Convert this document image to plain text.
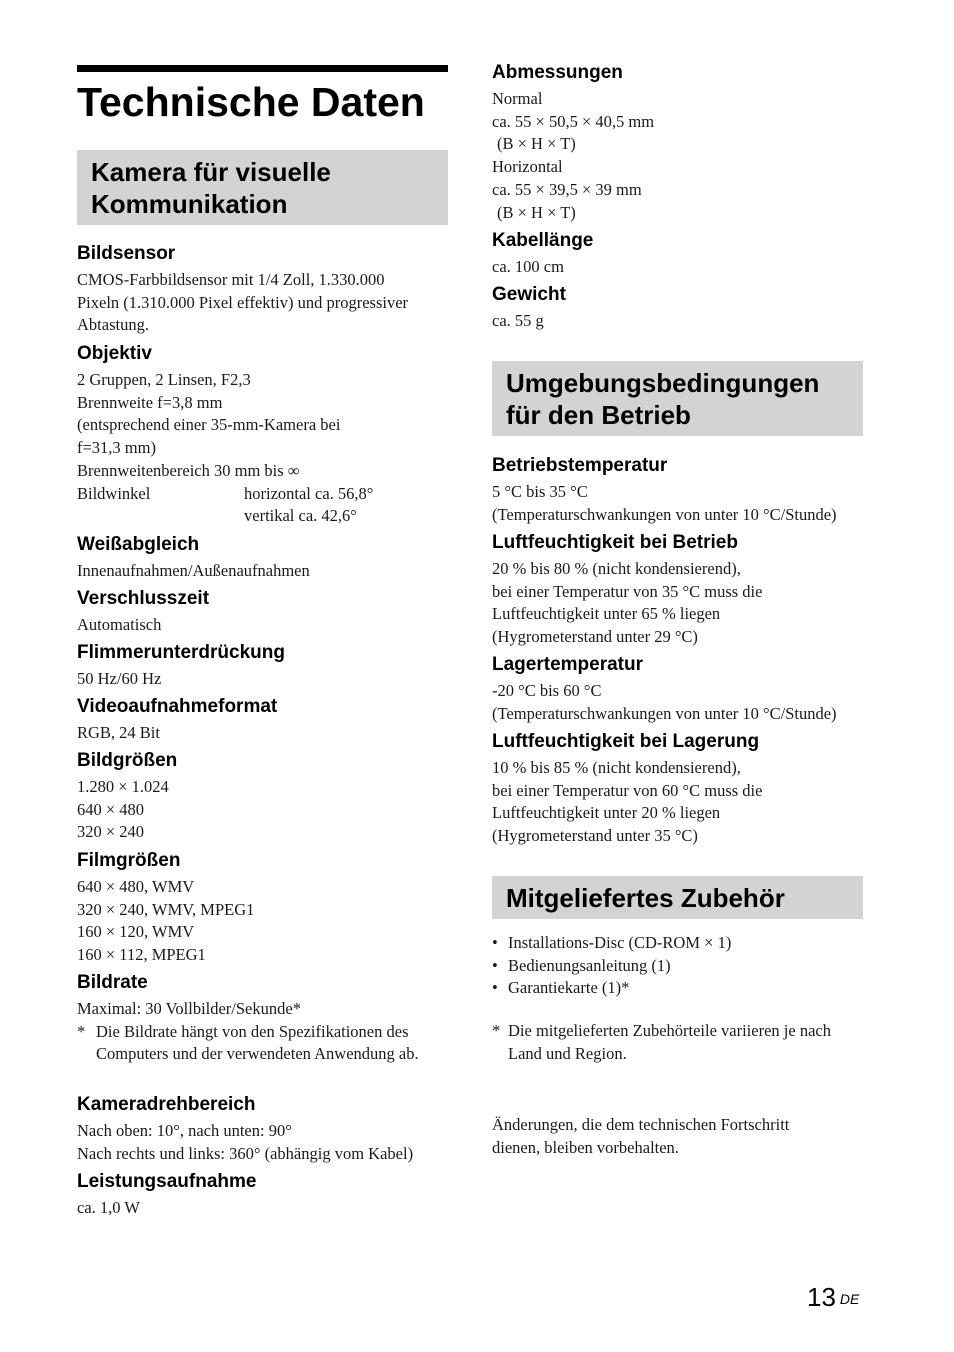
Technische Daten
Kamera für visuelle
Kommunikation
Bildsensor
CMOS-Farbbildsensor mit 1/4 Zoll, 1.330.000
Pixeln (1.310.000 Pixel effektiv) und progressiver
Abtastung.
Objektiv
2 Gruppen, 2 Linsen, F2,3
Brennweite f=3,8 mm
(entsprechend einer 35-mm-Kamera bei
f=31,3 mm)
Brennweitenbereich 30 mm bis ∞
Bildwinkel	horizontal ca. 56,8°
vertikal ca. 42,6°
Weißabgleich
Innenaufnahmen/Außenaufnahmen
Verschlusszeit
Automatisch
Flimmerunterdrückung
50 Hz/60 Hz
Videoaufnahmeformat
RGB, 24 Bit
Bildgrößen
1.280 × 1.024
640 × 480
320 × 240
Filmgrößen
640 × 480, WMV
320 × 240, WMV, MPEG1
160 × 120, WMV
160 × 112, MPEG1
Bildrate
Maximal: 30 Vollbilder/Sekunde*
* Die Bildrate hängt von den Spezifikationen des Computers und der verwendeten Anwendung ab.
Kameradrehbereich
Nach oben: 10°, nach unten: 90°
Nach rechts und links: 360° (abhängig vom Kabel)
Leistungsaufnahme
ca. 1,0 W
Abmessungen
Normal
ca. 55 × 50,5 × 40,5 mm
(B × H × T)
Horizontal
ca. 55 × 39,5 × 39 mm
(B × H × T)
Kabellänge
ca. 100 cm
Gewicht
ca. 55 g
Umgebungsbedingungen
für den Betrieb
Betriebstemperatur
5 °C bis 35 °C
(Temperaturschwankungen von unter 10 °C/Stunde)
Luftfeuchtigkeit bei Betrieb
20 % bis 80 % (nicht kondensierend),
bei einer Temperatur von 35 °C muss die
Luftfeuchtigkeit unter 65 % liegen
(Hygrometerstand unter 29 °C)
Lagertemperatur
-20 °C bis 60 °C
(Temperaturschwankungen von unter 10 °C/Stunde)
Luftfeuchtigkeit bei Lagerung
10 % bis 85 % (nicht kondensierend),
bei einer Temperatur von 60 °C muss die
Luftfeuchtigkeit unter 20 % liegen
(Hygrometerstand unter 35 °C)
Mitgeliefertes Zubehör
• Installations-Disc (CD-ROM × 1)
• Bedienungsanleitung (1)
• Garantiekarte (1)*
* Die mitgelieferten Zubehörteile variieren je nach Land und Region.
Änderungen, die dem technischen Fortschritt dienen, bleiben vorbehalten.
13 $^{DE}$
